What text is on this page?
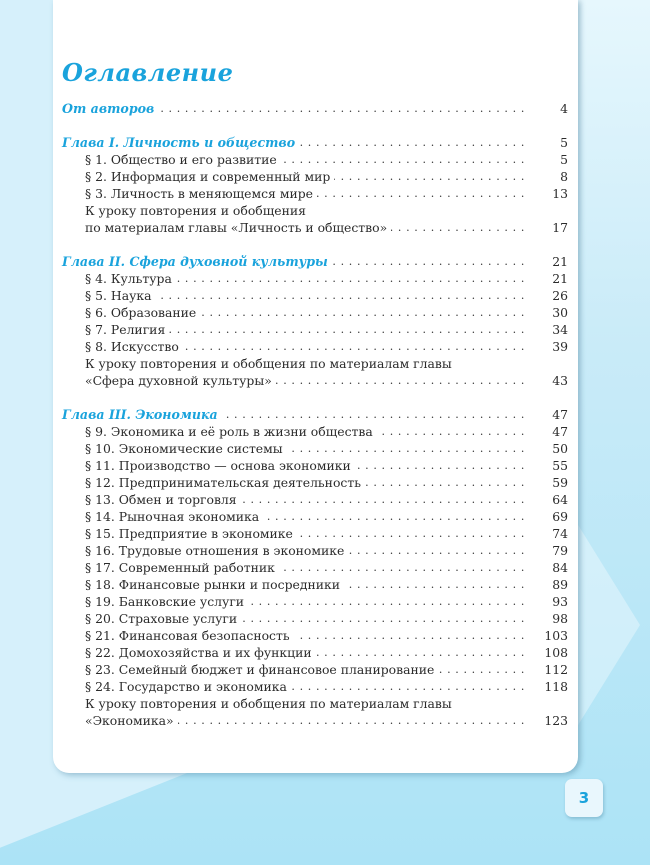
Оглавление
. . .
От авторов	4
. . .
Глава I. Личность и общество	5
. . .
§ 1. Общество и его развитие	5
. . .
§ 2. Информация и современный мир	8
. . .
§ 3. Личность в меняющемся мире	13
К уроку повторения и обобщения
. . .
по материалам главы «Личность и общество»	17
. . .
Глава II. Сфера духовной культуры	21
. . .
§ 4. Культура	21
. . .
§ 5. Наука	26
. . .
§ 6. Образование	30
. . .
§ 7. Религия	34
. . .
§ 8. Искусство	39
К уроку повторения и обобщения по материалам главы
. . .
«Сфера духовной культуры»	43
. . .
Глава III. Экономика	47
. . .
§ 9. Экономика и её роль в жизни общества	47
. . .
§ 10. Экономические системы	50
. . .
§ 11. Производство — основа экономики	55
. . .
§ 12. Предпринимательская деятельность	59
. . .
§ 13. Обмен и торговля	64
. . .
§ 14. Рыночная экономика	69
. . .
§ 15. Предприятие в экономике	74
. . .
§ 16. Трудовые отношения в экономике	79
. . .
§ 17. Современный работник	84
. . .
§ 18. Финансовые рынки и посредники	89
. . .
§ 19. Банковские услуги	93
. . .
§ 20. Страховые услуги	98
. . .
§ 21. Финансовая безопасность	103
. . .
§ 22. Домохозяйства и их функции	108
. . .
§ 23. Семейный бюджет и финансовое планирование	112
. . .
§ 24. Государство и экономика	118
К уроку повторения и обобщения по материалам главы
. . .
«Экономика»	123
3
